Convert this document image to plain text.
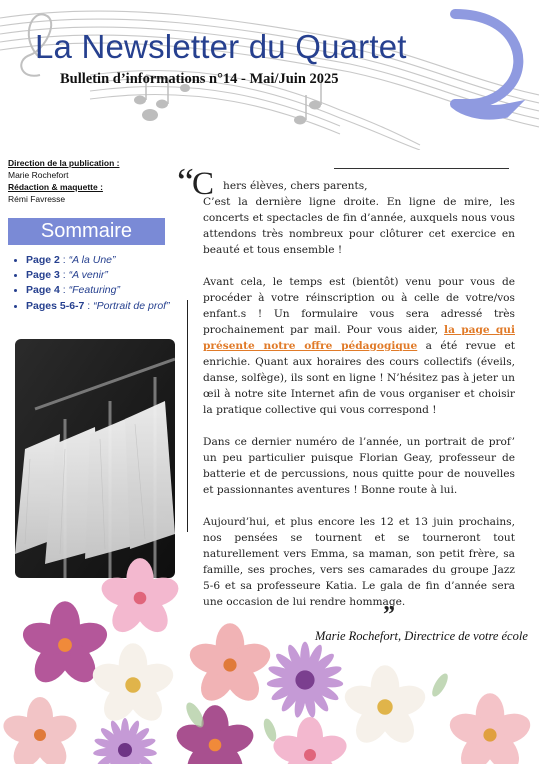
La Newsletter du Quartet
Bulletin d’informations n°14 - Mai/Juin 2025
Direction de la publication :
Marie Rochefort
Rédaction & maquette :
Rémi Favresse
Sommaire
• Page 2 : “A la Une”
• Page 3 : “A venir”
• Page 4 : “Featuring”
• Pages 5-6-7 : “Portrait de prof”
“
C hers élèves, chers parents,
C’est la dernière ligne droite. En ligne de mire, les concerts et spectacles de fin d’année, auxquels nous vous attendons très nombreux pour clôturer cet exercice en beauté et tous ensemble !

Avant cela, le temps est (bientôt) venu pour vous de procéder à votre réinscription ou à celle de votre/vos enfant.s ! Un formulaire vous sera adressé très prochainement par mail. Pour vous aider, la page qui présente notre offre pédagogique a été revue et enrichie. Quant aux horaires des cours collectifs (éveils, danse, solfège), ils sont en ligne ! N’hésitez pas à jeter un œil à notre site Internet afin de vous organiser et choisir la pratique collective qui vous correspond !

Dans ce dernier numéro de l’année, un portrait de prof’ un peu particulier puisque Florian Geay, professeur de batterie et de percussions, nous quitte pour de nouvelles et passionnantes aventures ! Bonne route à lui.

Aujourd’hui, et plus encore les 12 et 13 juin prochains, nos pensées se tournent et se tourneront tout naturellement vers Emma, sa maman, son petit frère, sa famille, ses proches, vers ses camarades du groupe Jazz 5-6 et sa professeure Katia. Le gala de fin d’année sera une occasion de lui rendre hommage.

”
Marie Rochefort, Directrice de votre école
